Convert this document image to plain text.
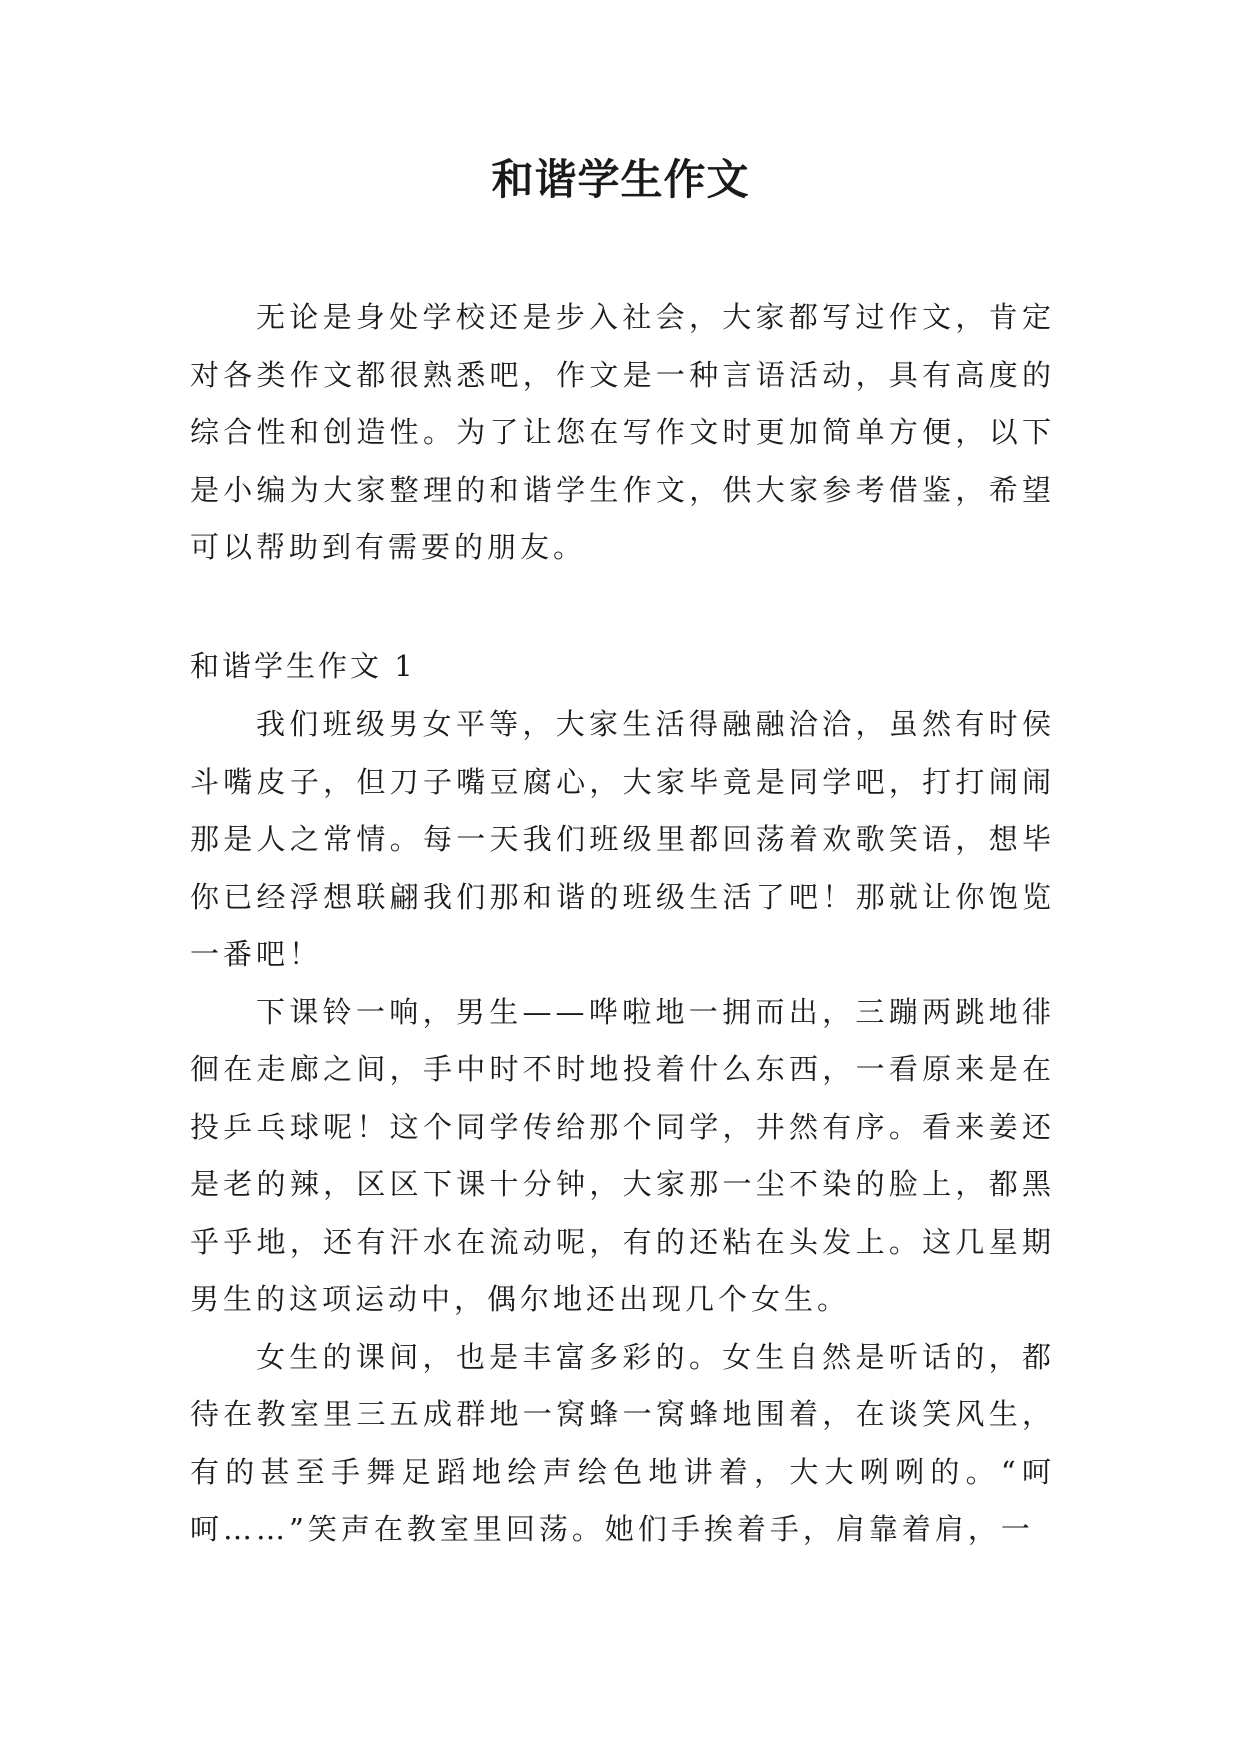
和谐学生作文

无论是身处学校还是步入社会，大家都写过作文，肯定对各类作文都很熟悉吧，作文是一种言语活动，具有高度的综合性和创造性。为了让您在写作文时更加简单方便，以下是小编为大家整理的和谐学生作文，供大家参考借鉴，希望可以帮助到有需要的朋友。

和谐学生作文 1

我们班级男女平等，大家生活得融融洽洽，虽然有时侯斗嘴皮子，但刀子嘴豆腐心，大家毕竟是同学吧，打打闹闹那是人之常情。每一天我们班级里都回荡着欢歌笑语，想毕你已经浮想联翩我们那和谐的班级生活了吧！那就让你饱览一番吧！

下课铃一响，男生——哗啦地一拥而出，三蹦两跳地徘徊在走廊之间，手中时不时地投着什么东西，一看原来是在投乒乓球呢！这个同学传给那个同学，井然有序。看来姜还是老的辣，区区下课十分钟，大家那一尘不染的脸上，都黑乎乎地，还有汗水在流动呢，有的还粘在头发上。这几星期男生的这项运动中，偶尔地还出现几个女生。

女生的课间，也是丰富多彩的。女生自然是听话的，都待在教室里三五成群地一窝蜂一窝蜂地围着，在谈笑风生，有的甚至手舞足蹈地绘声绘色地讲着，大大咧咧的。“呵呵……”笑声在教室里回荡。她们手挨着手，肩靠着肩，一
